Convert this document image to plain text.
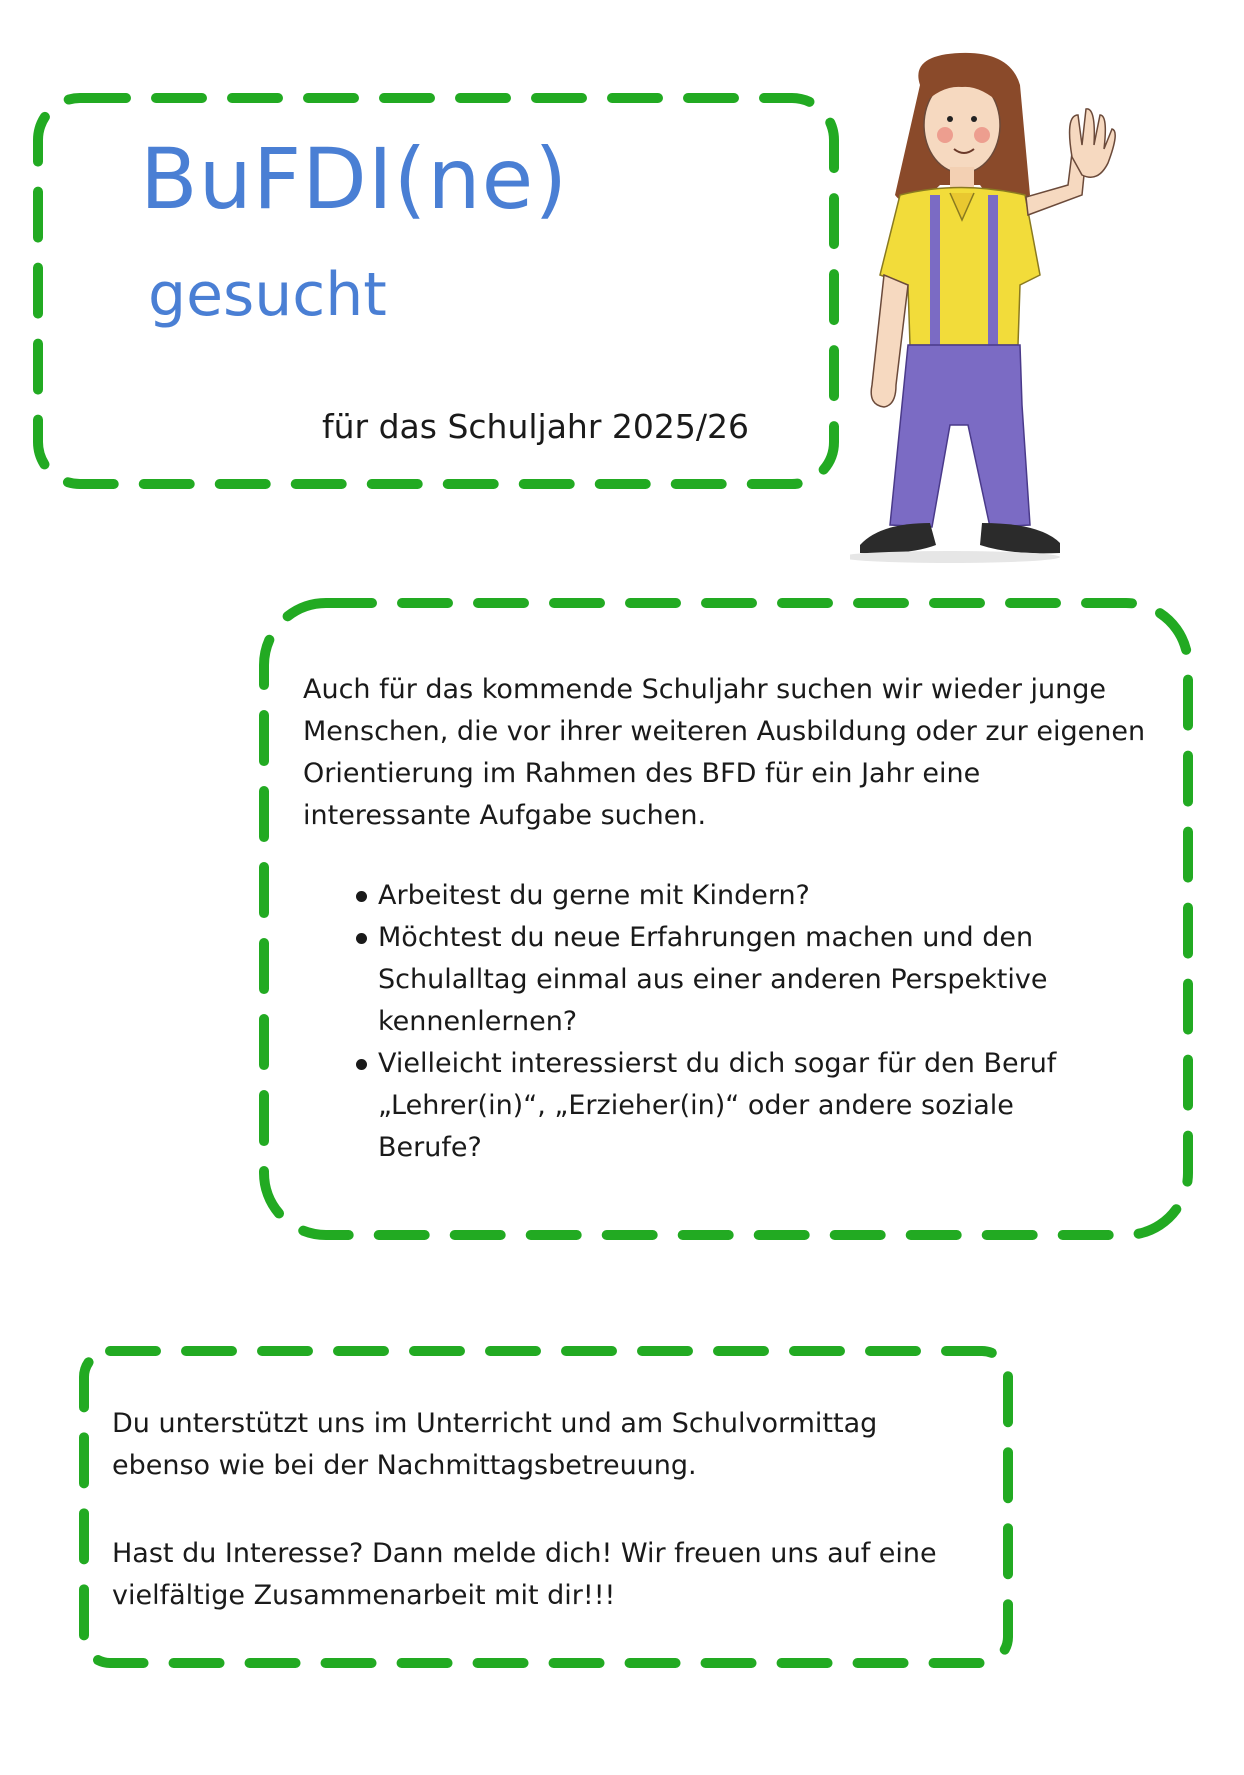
BuFDI(ne)
gesucht
für das Schuljahr 2025/26
Auch für das kommende Schuljahr suchen wir wieder junge Menschen, die vor ihrer weiteren Ausbildung oder zur eigenen Orientierung im Rahmen des BFD für ein Jahr eine interessante Aufgabe suchen.
Arbeitest du gerne mit Kindern?
Möchtest du neue Erfahrungen machen und den Schulalltag einmal aus einer anderen Perspektive kennenlernen?
Vielleicht interessierst du dich sogar für den Beruf „Lehrer(in)“, „Erzieher(in)“ oder andere soziale Berufe?
Du unterstützt uns im Unterricht und am Schulvormittag ebenso wie bei der Nachmittagsbetreuung.
Hast du Interesse? Dann melde dich! Wir freuen uns auf eine vielfältige Zusammenarbeit mit dir!!!
